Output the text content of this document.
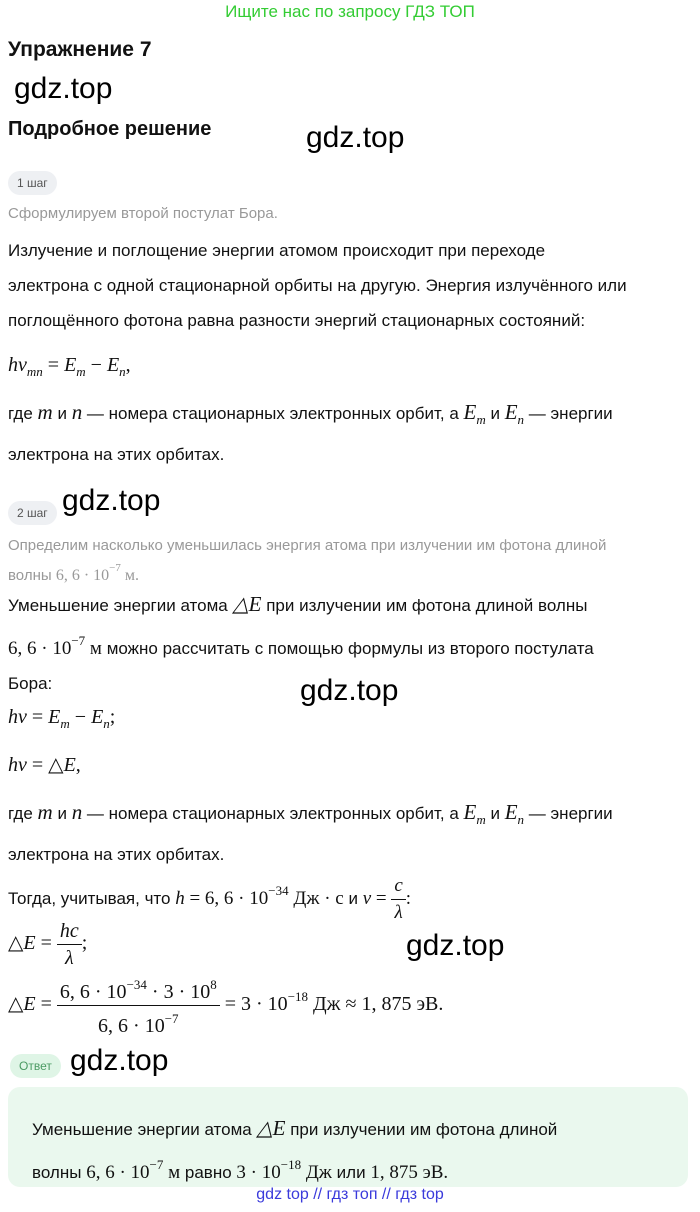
Ищите нас по запросу ГДЗ ТОП
Упражнение 7
gdz.top
Подробное решение	gdz.top
1 шаг
Сформулируем второй постулат Бора.
Излучение и поглощение энергии атомом происходит при переходе
электрона с одной стационарной орбиты на другую. Энергия излучённого или
поглощённого фотона равна разности энергий стационарных состояний:
$hv_{mn} = E_m - E_n$,
где m и n — номера стационарных электронных орбит, а $E_m$ и $E_n$ — энергии
электрона на этих орбитах.
2 шаг gdz.top
Определим насколько уменьшилась энергия атома при излучении им фотона длиной
волны 6, $6 \cdot 10^{-7}$ м.
Уменьшение энергии атома △E при излучении им фотона длиной волны
6, $6 \cdot 10^{-7}$ м можно рассчитать с помощью формулы из второго постулата
Бора:	gdz.top
$h\nu = E_m - E_n$;
hν = △E,
где m и n — номера стационарных электронных орбит, а $E_m$ и $E_n$ — энергии
электрона на этих орбитах.
Тогда, учитывая, что h = 6, $6 \cdot 10^{-34}$ Дж · с и $\nu = \frac{c}{\lambda}$ :
△E = $\frac{hc}{\lambda}$ ;	gdz.top
△E = $\frac{6, 6 \cdot 10^{-34} \cdot 3 \cdot 10^8}{6, 6 \cdot 10^{-7}} = 3 \cdot 10^{-18}$ Дж ≈ 1, 875 эВ.
Ответ gdz.top
Уменьшение энергии атома △E при излучении им фотона длиной
волны 6, $6 \cdot 10^{-7}$ м равно $3 \cdot 10^{-18}$ Дж или 1, 875 эВ.
gdz top // гдз топ // гдз top
